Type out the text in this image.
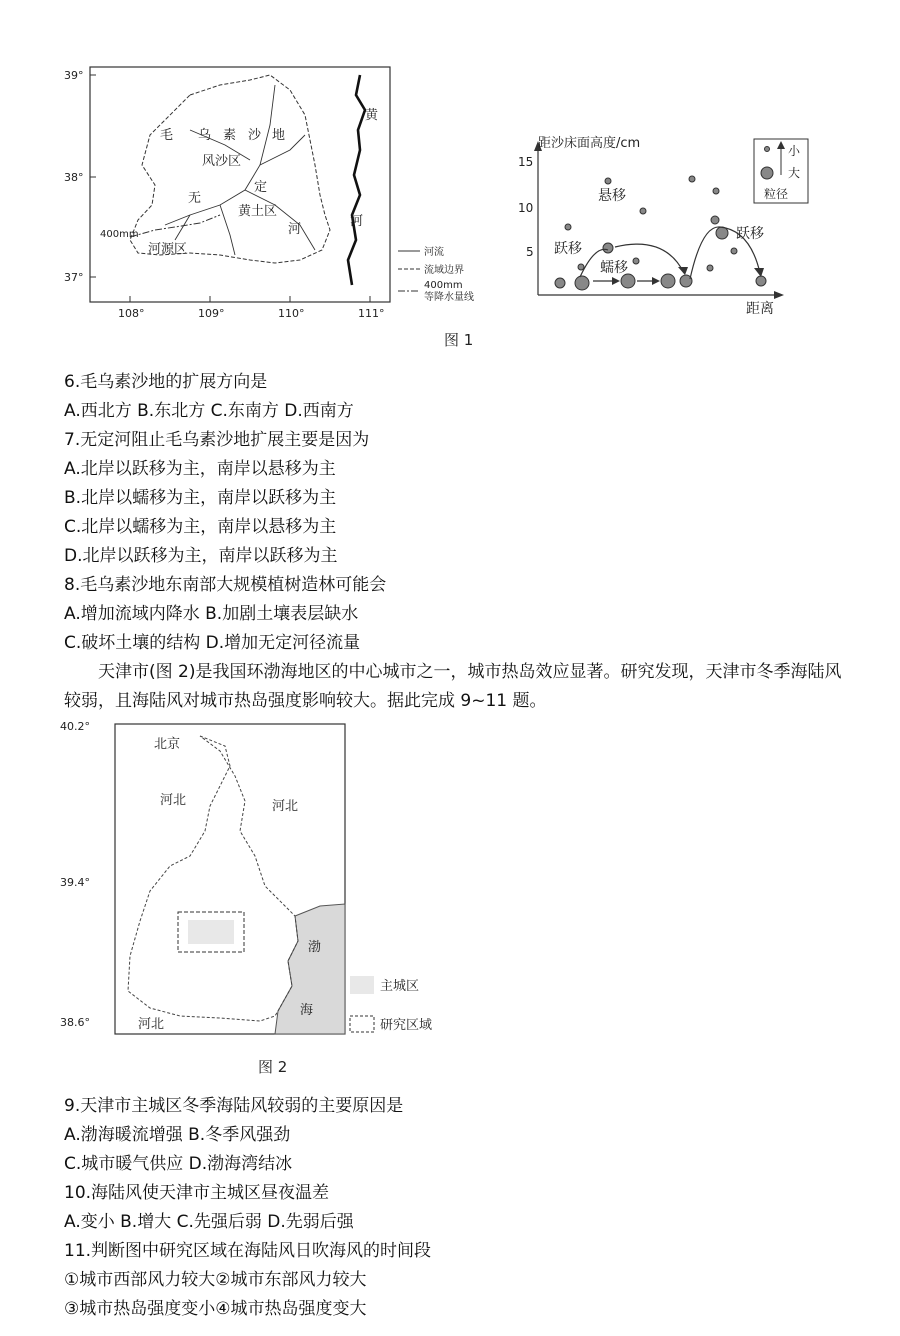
39°
38°
37°
108°	109°	110°	111°
毛 乌 素 沙 地
风沙区
无
定
黄土区
河
河源区
黄
河
400mm
河流
流域边界
400mm
等降水量线
距沙床面高度/cm
距离
15
10
5
悬移
跃移
蠕移
跃移
小
大
粒径
图 1
6.毛乌素沙地的扩展方向是
A.西北方 B.东北方 C.东南方 D.西南方
7.无定河阻止毛乌素沙地扩展主要是因为
A.北岸以跃移为主，南岸以悬移为主
B.北岸以蠕移为主，南岸以跃移为主
C.北岸以蠕移为主，南岸以悬移为主
D.北岸以跃移为主，南岸以跃移为主
8.毛乌素沙地东南部大规模植树造林可能会
A.增加流域内降水 B.加剧土壤表层缺水
C.破坏土壤的结构 D.增加无定河径流量
天津市(图 2)是我国环渤海地区的中心城市之一，城市热岛效应显著。研究发现，天津市冬季海陆风较弱，且海陆风对城市热岛强度影响较大。据此完成 9~11 题。
40.2°
39.4°
38.6°
北京
河北	河北
河北
渤
海
主城区
研究区域
图 2
9.天津市主城区冬季海陆风较弱的主要原因是
A.渤海暖流增强 B.冬季风强劲
C.城市暖气供应 D.渤海湾结冰
10.海陆风使天津市主城区昼夜温差
A.变小 B.增大 C.先强后弱 D.先弱后强
11.判断图中研究区域在海陆风日吹海风的时间段
①城市西部风力较大②城市东部风力较大
③城市热岛强度变小④城市热岛强度变大
